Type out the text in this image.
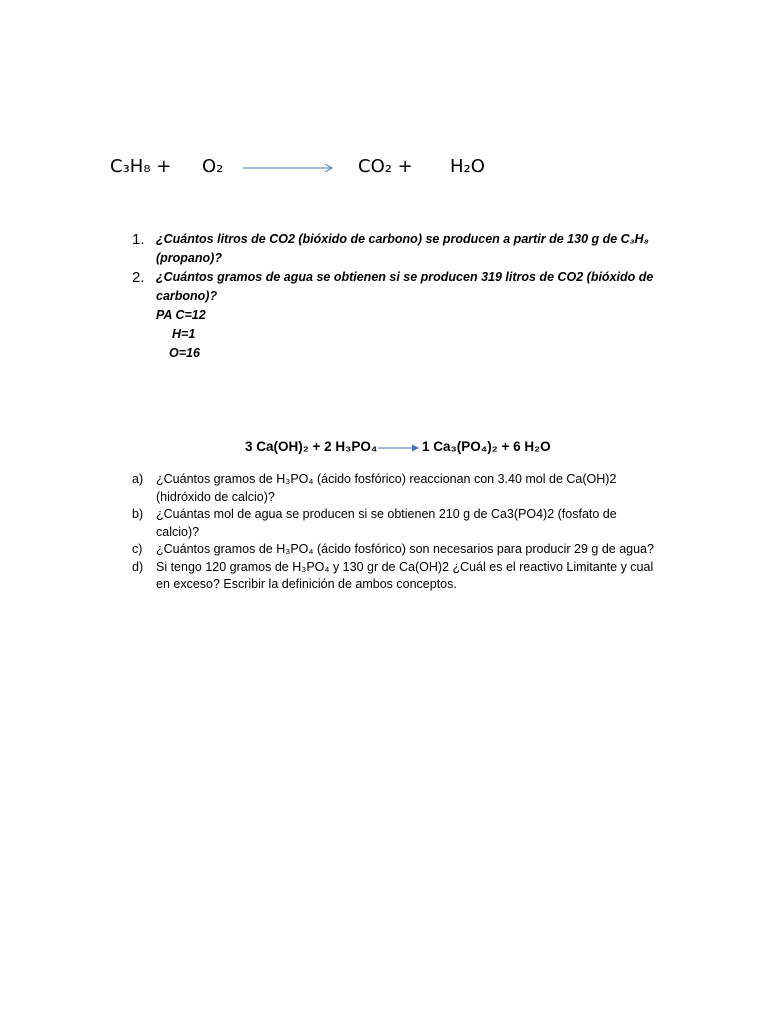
C₃H₈ + O₂	CO₂ + H₂O
1. ¿Cuántos litros de CO2 (bióxido de carbono) se producen a partir de 130 g de C₃H₈ (propano)?
2. ¿Cuántos gramos de agua se obtienen si se producen 319 litros de CO2 (bióxido de carbono)?
PA C=12
H=1
O=16

3 Ca(OH)₂ + 2 H₃PO₄

→
1 Ca₃(PO₄)₂ + 6 H₂O

a) ¿Cuántos gramos de H₃PO₄ (ácido fosfórico) reaccionan con 3.40 mol de Ca(OH)2 (hidróxido de calcio)?
b) ¿Cuántas mol de agua se producen si se obtienen 210 g de Ca3(PO4)2 (fosfato de calcio)?
c) ¿Cuántos gramos de H₃PO₄ (ácido fosfórico) son necesarios para producir 29 g de agua?
d) Si tengo 120 gramos de H₃PO₄ y 130 gr de Ca(OH)2 ¿Cuál es el reactivo Limitante y cual en exceso? Escribir la definición de ambos conceptos.
